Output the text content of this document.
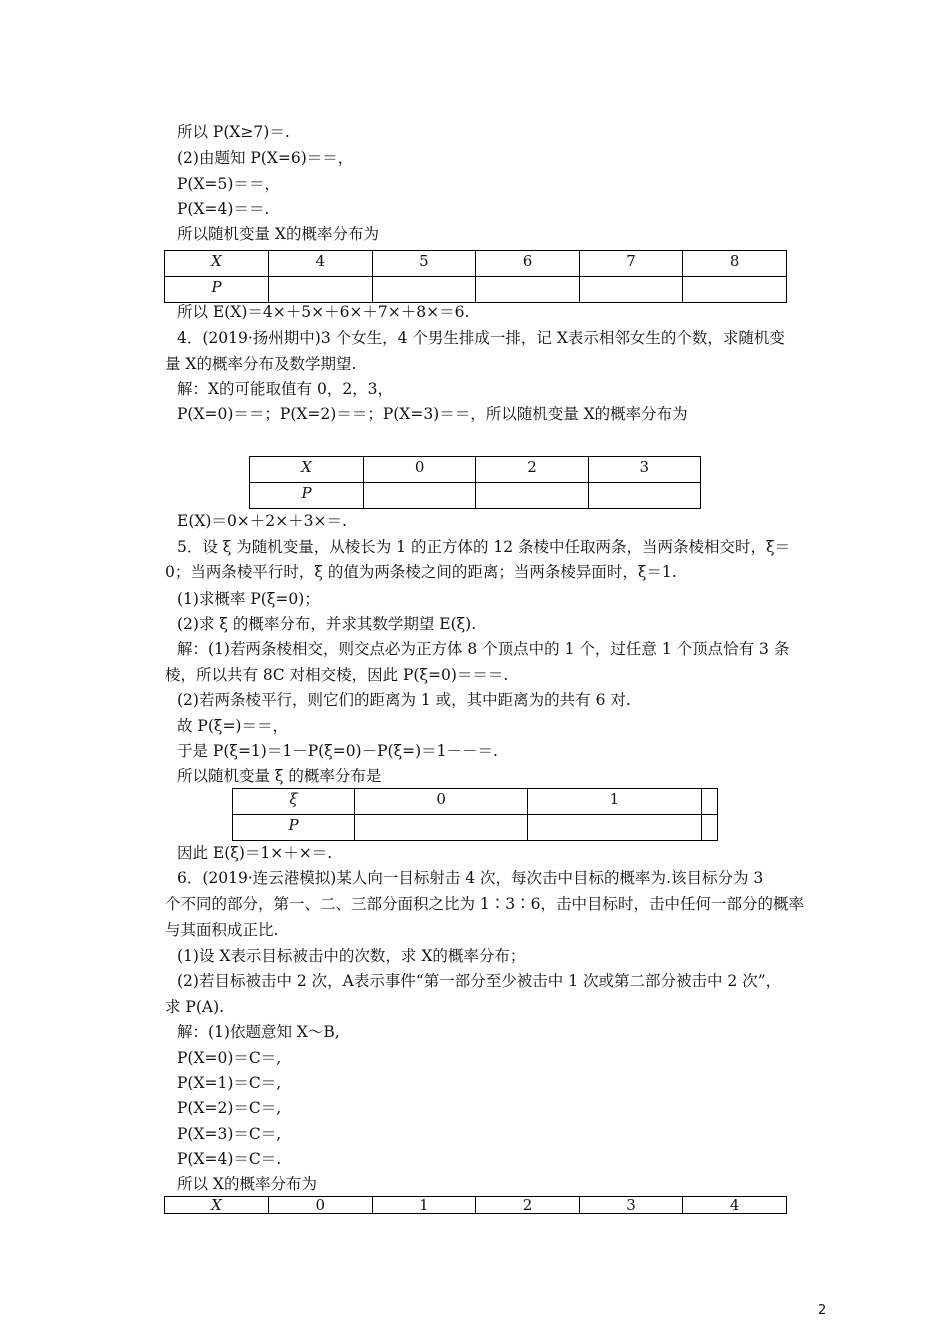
所以 P(X≥7)＝.
(2)由题知 P(X=6)＝＝，
P(X=5)＝＝，
P(X=4)＝＝.
所以随机变量 X的概率分布为
X	4	5	6	7	8
P					
所以 E(X)＝4×＋5×＋6×＋7×＋8×＝6.
4．(2019·扬州期中)3 个女生，4 个男生排成一排，记 X表示相邻女生的个数，求随机变
量 X的概率分布及数学期望.
解：X的可能取值有 0，2，3，
P(X=0)＝＝；P(X=2)＝＝；P(X=3)＝＝，所以随机变量 X的概率分布为
X	0	2	3
P			
E(X)＝0×＋2×＋3×＝.
5．设 ξ 为随机变量，从棱长为 1 的正方体的 12 条棱中任取两条，当两条棱相交时，ξ＝
0；当两条棱平行时，ξ 的值为两条棱之间的距离；当两条棱异面时，ξ＝1.
(1)求概率 P(ξ=0)；
(2)求 ξ 的概率分布，并求其数学期望 E(ξ).
解：(1)若两条棱相交，则交点必为正方体 8 个顶点中的 1 个，过任意 1 个顶点恰有 3 条
棱，所以共有 8C 对相交棱，因此 P(ξ=0)＝＝＝.
(2)若两条棱平行，则它们的距离为 1 或，其中距离为的共有 6 对.
故 P(ξ=)＝＝，
于是 P(ξ=1)＝1－P(ξ=0)－P(ξ=)＝1－－＝.
所以随机变量 ξ 的概率分布是
ξ	0	1	
P			
因此 E(ξ)＝1×＋×＝.
6．(2019·连云港模拟)某人向一目标射击 4 次，每次击中目标的概率为.该目标分为 3
个不同的部分，第一、二、三部分面积之比为 1∶3∶6，击中目标时，击中任何一部分的概率
与其面积成正比.
(1)设 X表示目标被击中的次数，求 X的概率分布；
(2)若目标被击中 2 次，A表示事件“第一部分至少被击中 1 次或第二部分被击中 2 次”，
求 P(A).
解：(1)依题意知 X～B,
P(X=0)＝C＝,
P(X=1)＝C＝,
P(X=2)＝C＝,
P(X=3)＝C＝,
P(X=4)＝C＝.
所以 X的概率分布为
X	0	1	2	3	4
2
